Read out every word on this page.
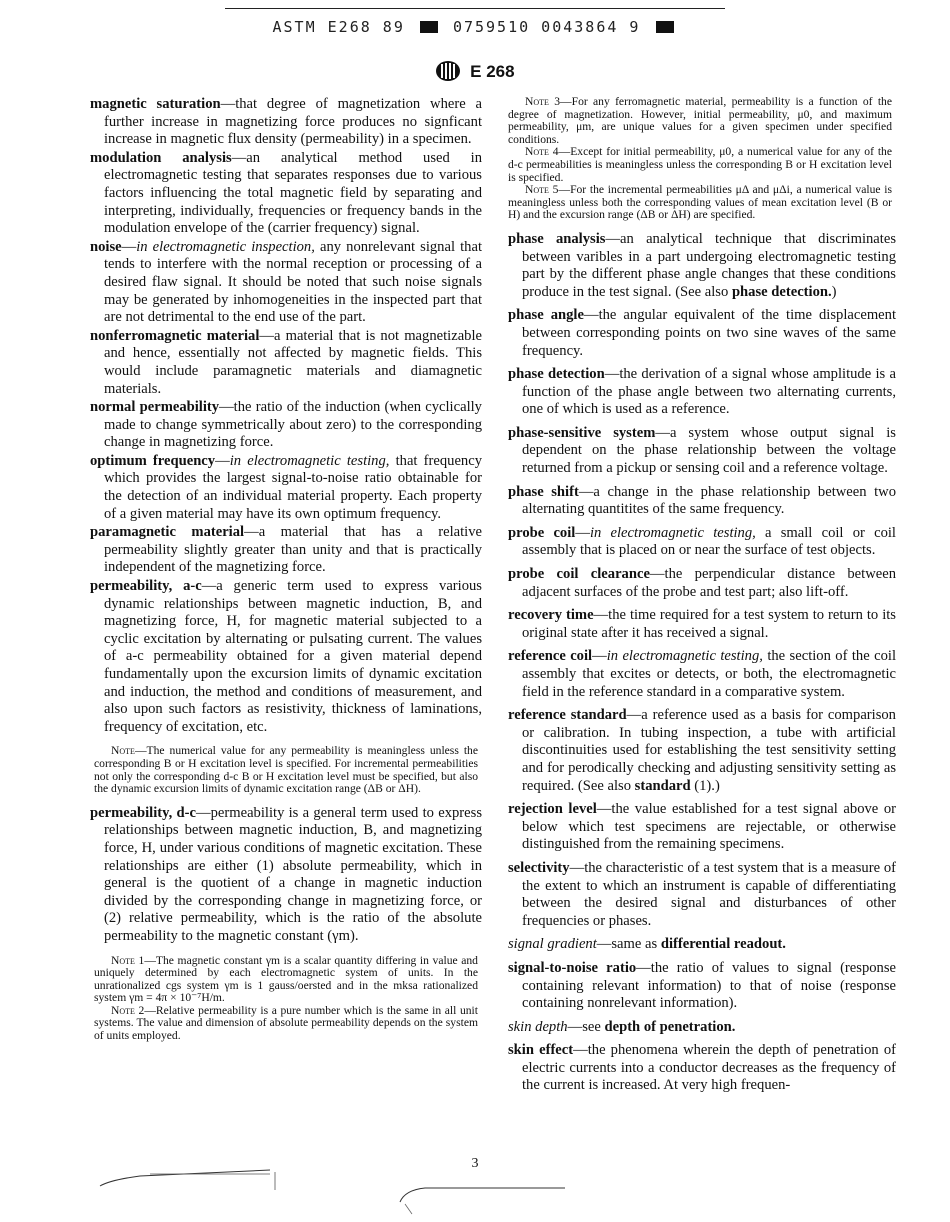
ASTM E268 89	0759510 0043864 9
E 268

magnetic saturation—that degree of magnetization where a further increase in magnetizing force produces no signficant increase in magnetic flux density (permeability) in a specimen.

modulation analysis—an analytical method used in electromagnetic testing that separates responses due to various factors influencing the total magnetic field by separating and interpreting, individually, frequencies or frequency bands in the modulation envelope of the (carrier frequency) signal.

noise—in electromagnetic inspection, any nonrelevant signal that tends to interfere with the normal reception or processing of a desired flaw signal. It should be noted that such noise signals may be generated by inhomogeneities in the inspected part that are not detrimental to the end use of the part.

nonferromagnetic material—a material that is not magnetizable and hence, essentially not affected by magnetic fields. This would include paramagnetic materials and diamagnetic materials.

normal permeability—the ratio of the induction (when cyclically made to change symmetrically about zero) to the corresponding change in magnetizing force.

optimum frequency—in electromagnetic testing, that frequency which provides the largest signal-to-noise ratio obtainable for the detection of an individual material property. Each property of a given material may have its own optimum frequency.

paramagnetic material—a material that has a relative permeability slightly greater than unity and that is practically independent of the magnetizing force.

permeability, a-c—a generic term used to express various dynamic relationships between magnetic induction, B, and magnetizing force, H, for magnetic material subjected to a cyclic excitation by alternating or pulsating current. The values of a-c permeability obtained for a given material depend fundamentally upon the excursion limits of dynamic excitation and induction, the method and conditions of measurement, and also upon such factors as resistivity, thickness of laminations, frequency of excitation, etc.

Note—The numerical value for any permeability is meaningless unless the corresponding B or H excitation level is specified. For incremental permeabilities not only the corresponding d-c B or H excitation level must be specified, but also the dynamic excursion limits of dynamic excitation range (ΔB or ΔH).

permeability, d-c—permeability is a general term used to express relationships between magnetic induction, B, and magnetizing force, H, under various conditions of magnetic excitation. These relationships are either (1) absolute permeability, which in general is the quotient of a change in magnetic induction divided by the corresponding change in magnetizing force, or (2) relative permeability, which is the ratio of the absolute permeability to the magnetic constant (γm).

Note 1—The magnetic constant γm is a scalar quantity differing in value and uniquely determined by each electromagnetic system of units. In the unrationalized cgs system γm is 1 gauss/oersted and in the mksa rationalized system γm = 4π × 10⁻⁷H/m.

Note 2—Relative permeability is a pure number which is the same in all unit systems. The value and dimension of absolute permeability depends on the system of units employed.

Note 3—For any ferromagnetic material, permeability is a function of the degree of magnetization. However, initial permeability, μ0, and maximum permeability, μm, are unique values for a given specimen under specified conditions.

Note 4—Except for initial permeability, μ0, a numerical value for any of the d-c permeabilities is meaningless unless the corresponding B or H excitation level is specified.

Note 5—For the incremental permeabilities μΔ and μΔi, a numerical value is meaningless unless both the corresponding values of mean excitation level (B or H) and the excursion range (ΔB or ΔH) are specified.

phase analysis—an analytical technique that discriminates between varibles in a part undergoing electromagnetic testing part by the different phase angle changes that these conditions produce in the test signal. (See also phase detection.)

phase angle—the angular equivalent of the time displacement between corresponding points on two sine waves of the same frequency.

phase detection—the derivation of a signal whose amplitude is a function of the phase angle between two alternating currents, one of which is used as a reference.

phase-sensitive system—a system whose output signal is dependent on the phase relationship between the voltage returned from a pickup or sensing coil and a reference voltage.

phase shift—a change in the phase relationship between two alternating quantitites of the same frequency.

probe coil—in electromagnetic testing, a small coil or coil assembly that is placed on or near the surface of test objects.

probe coil clearance—the perpendicular distance between adjacent surfaces of the probe and test part; also lift-off.

recovery time—the time required for a test system to return to its original state after it has received a signal.

reference coil—in electromagnetic testing, the section of the coil assembly that excites or detects, or both, the electromagnetic field in the reference standard in a comparative system.

reference standard—a reference used as a basis for comparison or calibration. In tubing inspection, a tube with artificial discontinuities used for establishing the test sensitivity setting and for perodically checking and adjusting sensitivity setting as required. (See also standard (1).)

rejection level—the value established for a test signal above or below which test specimens are rejectable, or otherwise distinguished from the remaining specimens.

selectivity—the characteristic of a test system that is a measure of the extent to which an instrument is capable of differentiating between the desired signal and disturbances of other frequencies or phases.

signal gradient—same as differential readout.

signal-to-noise ratio—the ratio of values to signal (response containing relevant information) to that of noise (response containing nonrelevant information).

skin depth—see depth of penetration.

skin effect—the phenomena wherein the depth of penetration of electric currents into a conductor decreases as the frequency of the current is increased. At very high frequen-

3
